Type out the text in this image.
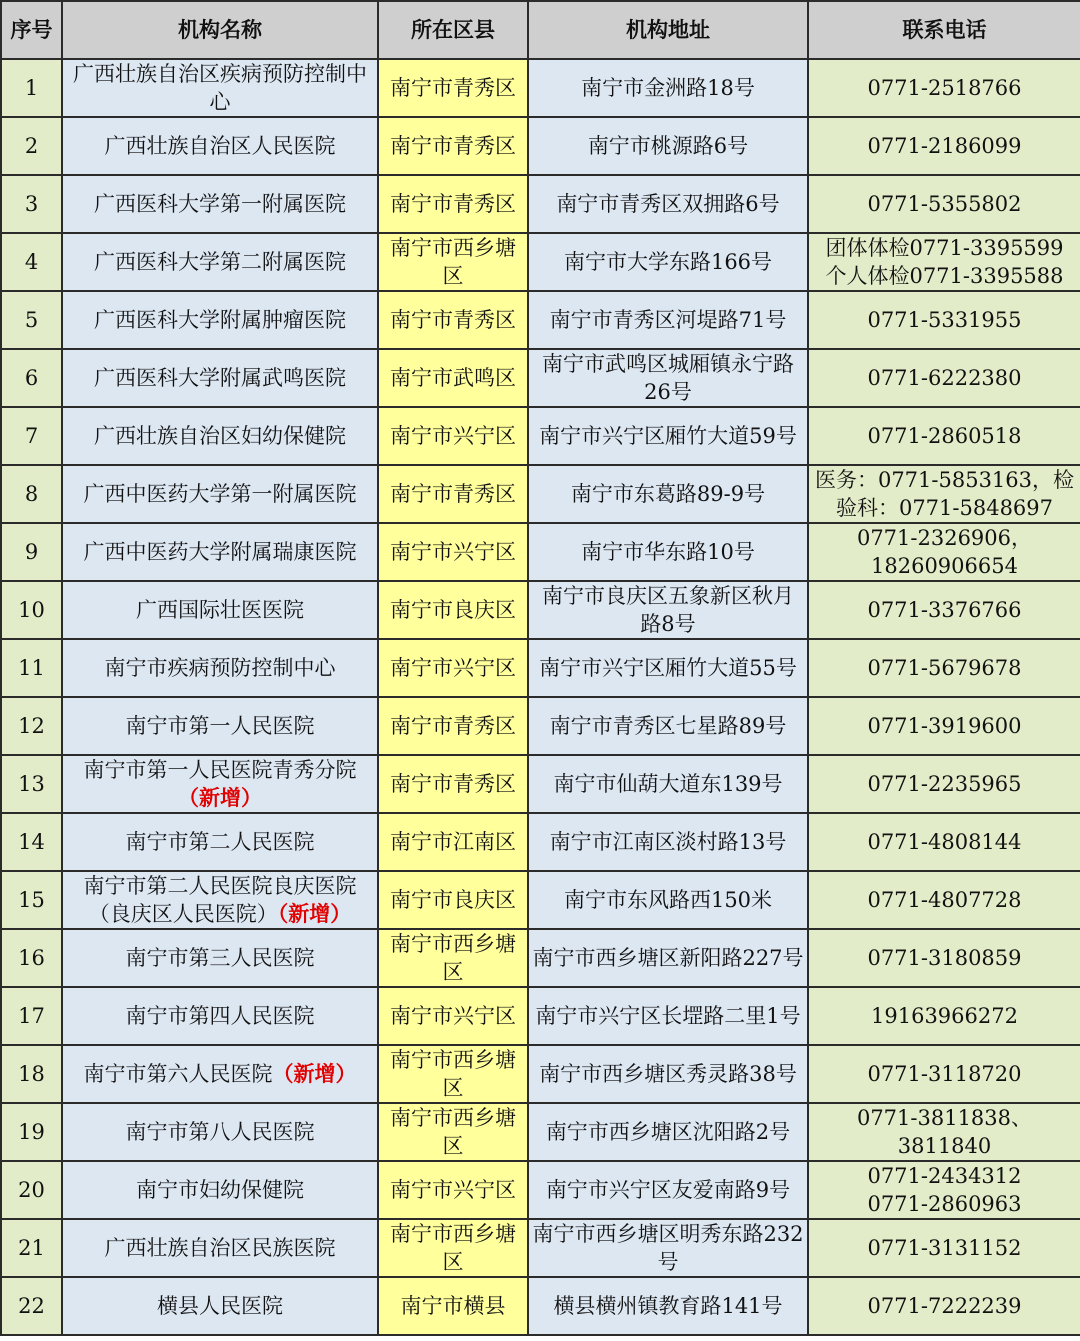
序号	机构名称	所在区县	机构地址	联系电话
1	广西壮族自治区疾病预防控制中心	南宁市青秀区	南宁市金洲路18号	0771-2518766

2	广西壮族自治区人民医院	南宁市青秀区	南宁市桃源路6号	0771-2186099

3	广西医科大学第一附属医院	南宁市青秀区	南宁市青秀区双拥路6号	0771-5355802

4	广西医科大学第二附属医院	南宁市西乡塘区	南宁市大学东路166号	团体体检0771-3395599
个人体检0771-3395588

5	广西医科大学附属肿瘤医院	南宁市青秀区	南宁市青秀区河堤路71号	0771-5331955

6	广西医科大学附属武鸣医院	南宁市武鸣区	南宁市武鸣区城厢镇永宁路26号	0771-6222380

7	广西壮族自治区妇幼保健院	南宁市兴宁区	南宁市兴宁区厢竹大道59号	0771-2860518

8	广西中医药大学第一附属医院	南宁市青秀区	南宁市东葛路89-9号	医务：0771-5853163，检验科：0771-5848697

9	广西中医药大学附属瑞康医院	南宁市兴宁区	南宁市华东路10号	0771-2326906，
18260906654

10	广西国际壮医医院	南宁市良庆区	南宁市良庆区五象新区秋月路8号	0771-3376766

11	南宁市疾病预防控制中心	南宁市兴宁区	南宁市兴宁区厢竹大道55号	0771-5679678

12	南宁市第一人民医院	南宁市青秀区	南宁市青秀区七星路89号	0771-3919600

13	南宁市第一人民医院青秀分院（新增）	南宁市青秀区	南宁市仙葫大道东139号	0771-2235965

14	南宁市第二人民医院	南宁市江南区	南宁市江南区淡村路13号	0771-4808144

15	南宁市第二人民医院良庆医院（良庆区人民医院）（新增）	南宁市良庆区	南宁市东风路西150米	0771-4807728

16	南宁市第三人民医院	南宁市西乡塘区	南宁市西乡塘区新阳路227号	0771-3180859

17	南宁市第四人民医院	南宁市兴宁区	南宁市兴宁区长堽路二里1号	19163966272

18	南宁市第六人民医院（新增）	南宁市西乡塘区	南宁市西乡塘区秀灵路38号	0771-3118720

19	南宁市第八人民医院	南宁市西乡塘区	南宁市西乡塘区沈阳路2号	0771-3811838、3811840

20	南宁市妇幼保健院	南宁市兴宁区	南宁市兴宁区友爱南路9号	0771-2434312
0771-2860963

21	广西壮族自治区民族医院	南宁市西乡塘区	南宁市西乡塘区明秀东路232号	0771-3131152

22	横县人民医院	南宁市横县	横县横州镇教育路141号	0771-7222239
